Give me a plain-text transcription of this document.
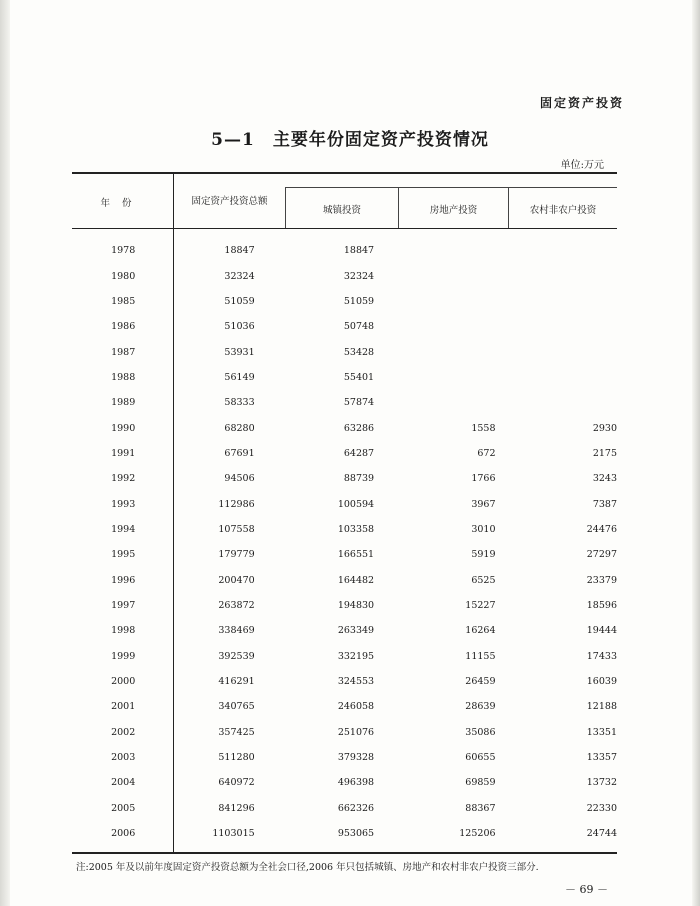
固定资产投资
5—1 主要年份固定资产投资情况
单位:万元
年份	固定资产投资总额
城镇投资	房地产投资	农村非农户投资
1978	18847	18847		
1980	32324	32324		
1985	51059	51059		
1986	51036	50748		
1987	53931	53428		
1988	56149	55401		
1989	58333	57874		
1990	68280	63286	1558	2930
1991	67691	64287	672	2175
1992	94506	88739	1766	3243
1993	112986	100594	3967	7387
1994	107558	103358	3010	24476
1995	179779	166551	5919	27297
1996	200470	164482	6525	23379
1997	263872	194830	15227	18596
1998	338469	263349	16264	19444
1999	392539	332195	11155	17433
2000	416291	324553	26459	16039
2001	340765	246058	28639	12188
2002	357425	251076	35086	13351
2003	511280	379328	60655	13357
2004	640972	496398	69859	13732
2005	841296	662326	88367	22330
2006	1103015	953065	125206	24744
注:2005 年及以前年度固定资产投资总额为全社会口径,2006 年只包括城镇、房地产和农村非农户投资三部分.
－ 69 －
